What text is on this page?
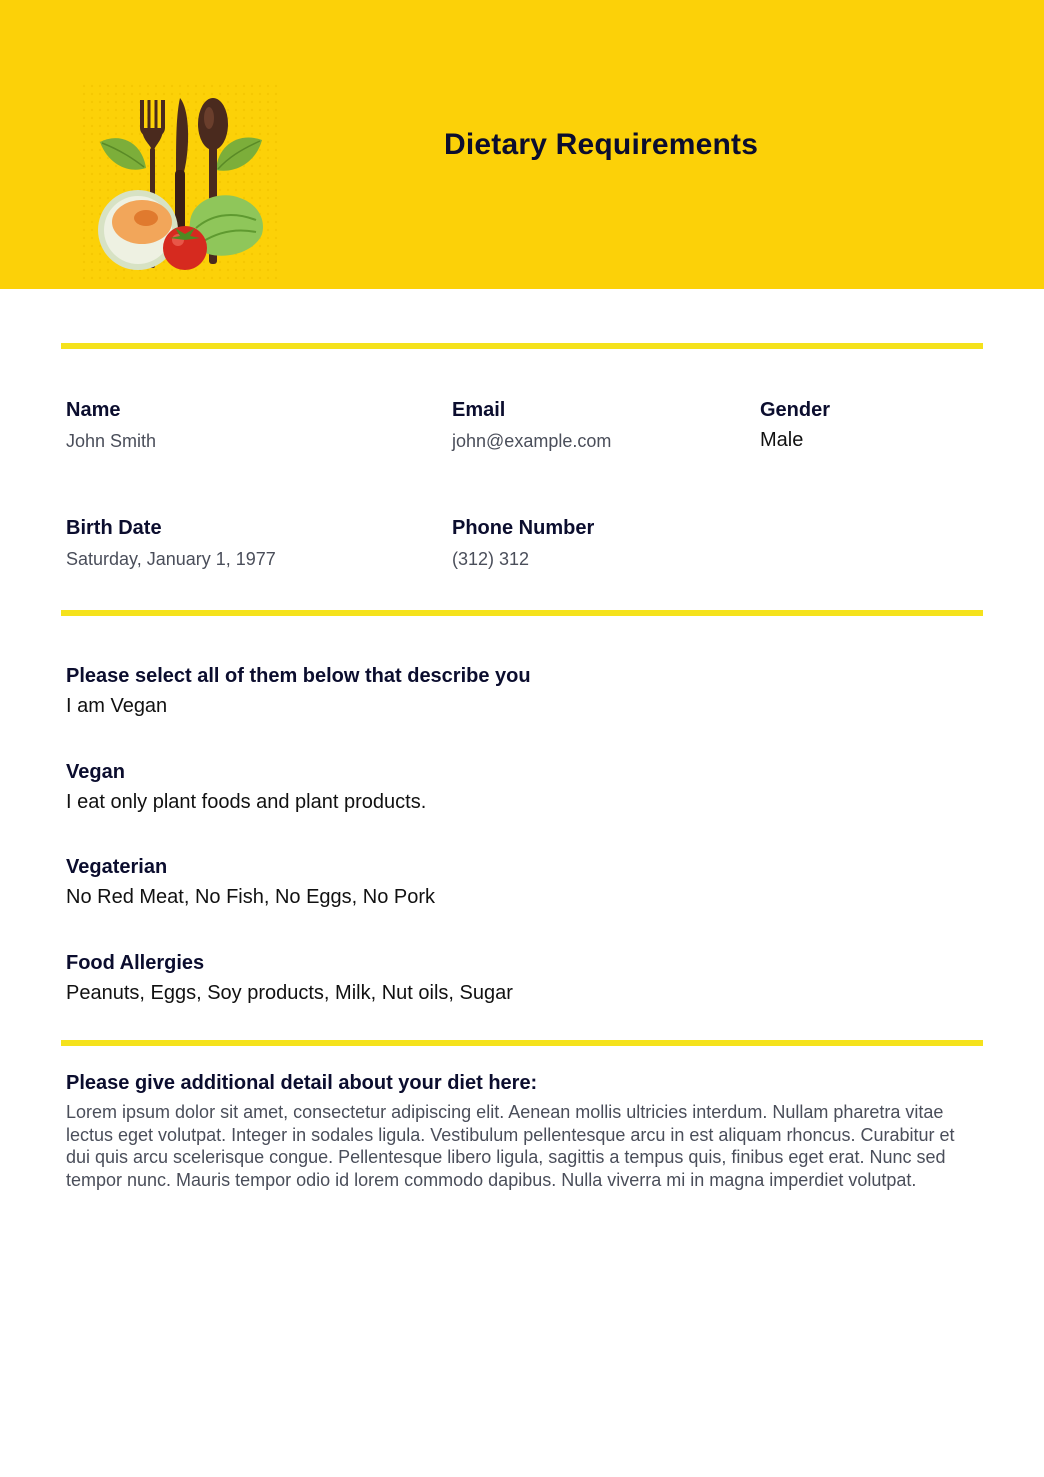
Dietary Requirements
Name
John Smith
Email
john@example.com
Gender
Male
Birth Date
Saturday, January 1, 1977
Phone Number
(312) 312
Please select all of them below that describe you
I am Vegan
Vegan
I eat only plant foods and plant products.
Vegaterian
No Red Meat, No Fish, No Eggs, No Pork
Food Allergies
Peanuts, Eggs, Soy products, Milk, Nut oils, Sugar
Please give additional detail about your diet here:
Lorem ipsum dolor sit amet, consectetur adipiscing elit. Aenean mollis ultricies interdum. Nullam pharetra vitae lectus eget volutpat. Integer in sodales ligula. Vestibulum pellentesque arcu in est aliquam rhoncus. Curabitur et dui quis arcu scelerisque congue. Pellentesque libero ligula, sagittis a tempus quis, finibus eget erat. Nunc sed tempor nunc. Mauris tempor odio id lorem commodo dapibus. Nulla viverra mi in magna imperdiet volutpat.
